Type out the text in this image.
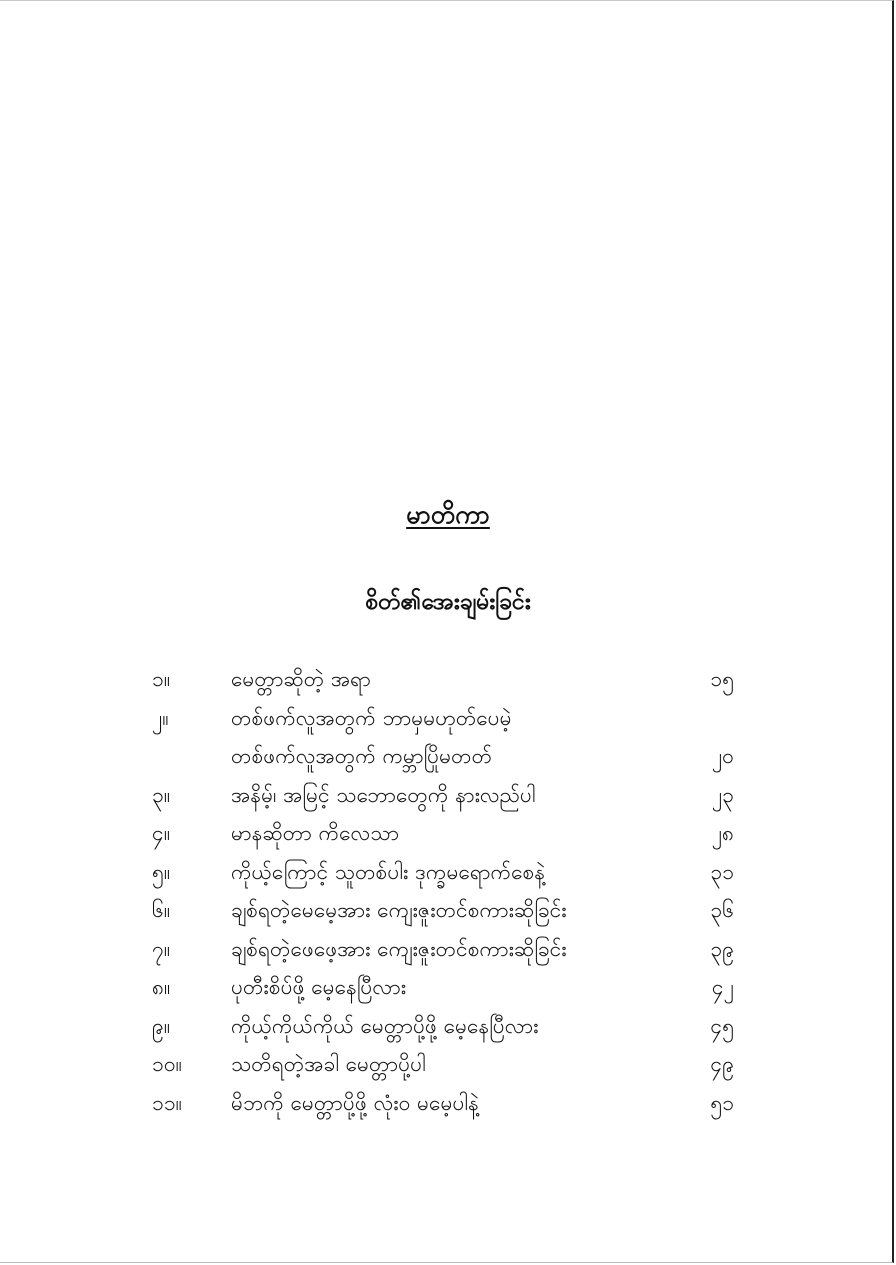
မာတိကာ
စိတ်၏အေးချမ်းခြင်း
၁။	မေတ္တာဆိုတဲ့ အရာ	၁၅
၂။	တစ်ဖက်လူအတွက် ဘာမှမဟုတ်ပေမဲ့
တစ်ဖက်လူအတွက် ကမ္ဘာပြိုမတတ်	၂၀
၃။	အနိမ့်၊ အမြင့် သဘောတွေကို နားလည်ပါ	၂၃
၄။	မာနဆိုတာ ကိလေသာ	၂၈
၅။	ကိုယ့်ကြောင့် သူတစ်ပါး ဒုက္ခမရောက်စေနဲ့	၃၁
၆။	ချစ်ရတဲ့မေမေ့အား ကျေးဇူးတင်စကားဆိုခြင်း	၃၆
၇။	ချစ်ရတဲ့ဖေဖေ့အား ကျေးဇူးတင်စကားဆိုခြင်း	၃၉
၈။	ပုတီးစိပ်ဖို့ မေ့နေပြီလား	၄၂
၉။	ကိုယ့်ကိုယ်ကိုယ် မေတ္တာပို့ဖို့ မေ့နေပြီလား	၄၅
၁၀။ သတိရတဲ့အခါ မေတ္တာပို့ပါ	၄၉
၁၁။ မိဘကို မေတ္တာပို့ဖို့ လုံးဝ မမေ့ပါနဲ့	၅၁
